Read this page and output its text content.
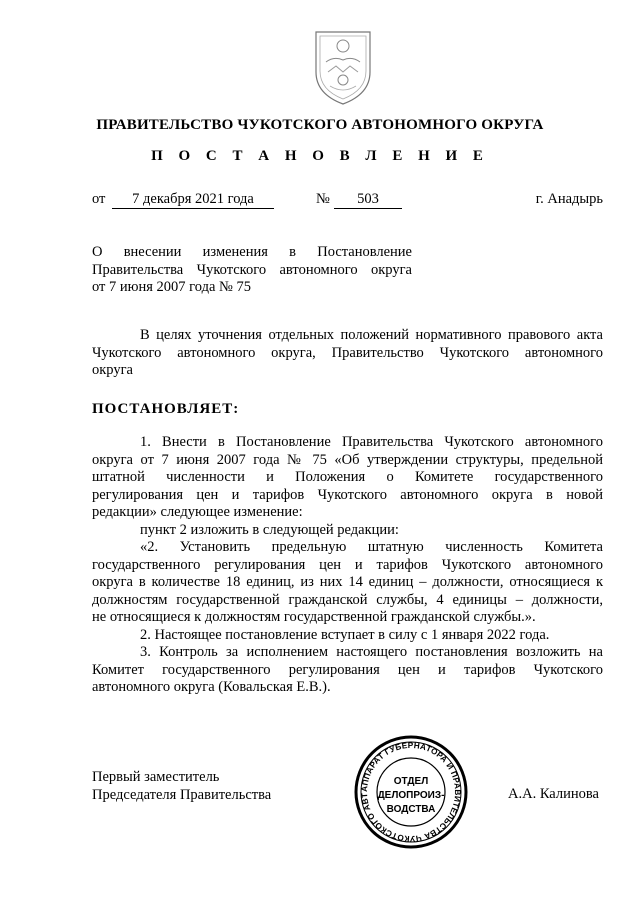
ПРАВИТЕЛЬСТВО ЧУКОТСКОГО АВТОНОМНОГО ОКРУГА
П О С Т А Н О В Л Е Н И Е
от	7 декабря 2021 года	№	503	г. Анадырь
О внесении изменения в Постановление
Правительства Чукотского автономного округа
от 7 июня 2007 года № 75
В целях уточнения отдельных положений нормативного правового акта
Чукотского автономного округа, Правительство Чукотского автономного
округа
ПОСТАНОВЛЯЕТ:
1. Внести в Постановление Правительства Чукотского автономного
округа от 7 июня 2007 года № 75 «Об утверждении структуры, предельной
штатной численности и Положения о Комитете государственного
регулирования цен и тарифов Чукотского автономного округа в новой
редакции» следующее изменение:
пункт 2 изложить в следующей редакции:
«2. Установить предельную штатную численность Комитета
государственного регулирования цен и тарифов Чукотского автономного
округа в количестве 18 единиц, из них 14 единиц – должности, относящиеся к
должностям государственной гражданской службы, 4 единицы – должности,
не относящиеся к должностям государственной гражданской службы.».
2. Настоящее постановление вступает в силу с 1 января 2022 года.
3. Контроль за исполнением настоящего постановления возложить на
Комитет государственного регулирования цен и тарифов Чукотского
автономного округа (Ковальская Е.В.).
Первый заместитель
Председателя Правительства	А.А. Калинова
АППАРАТ ГУБЕРНАТОРА И ПРАВИТЕЛЬСТВА ЧУКОТСКОГО АВТ
ОТДЕЛ
ДЕЛОПРОИЗ-
ВОДСТВА
